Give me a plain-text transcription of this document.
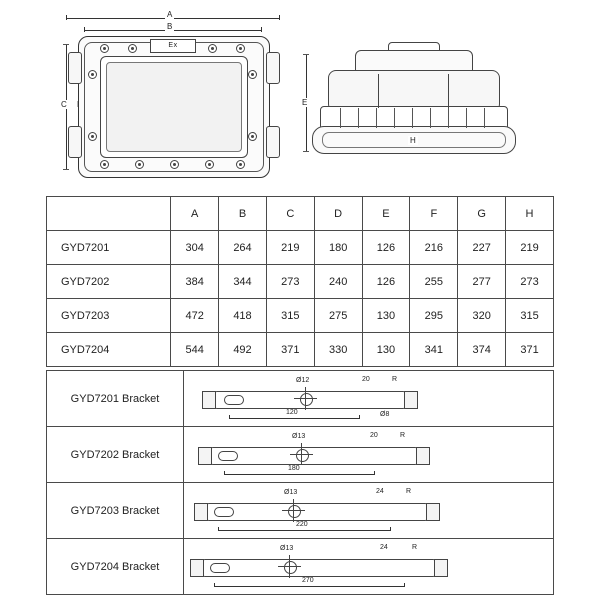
A
B
C
Ex
E
H
	A	B	C	D	E	F	G	H
GYD7201	304	264	219	180	126	216	227	219
GYD7202	384	344	273	240	126	255	277	273
GYD7203	472	418	315	275	130	295	320	315
GYD7204	544	492	371	330	130	341	374	371
GYD7201 Bracket	Ø12 20 R
Ø8
120

GYD7202 Bracket	Ø13 20 R
180

GYD7203 Bracket	Ø13 24 R
220

GYD7204 Bracket	Ø13 24 R
270
